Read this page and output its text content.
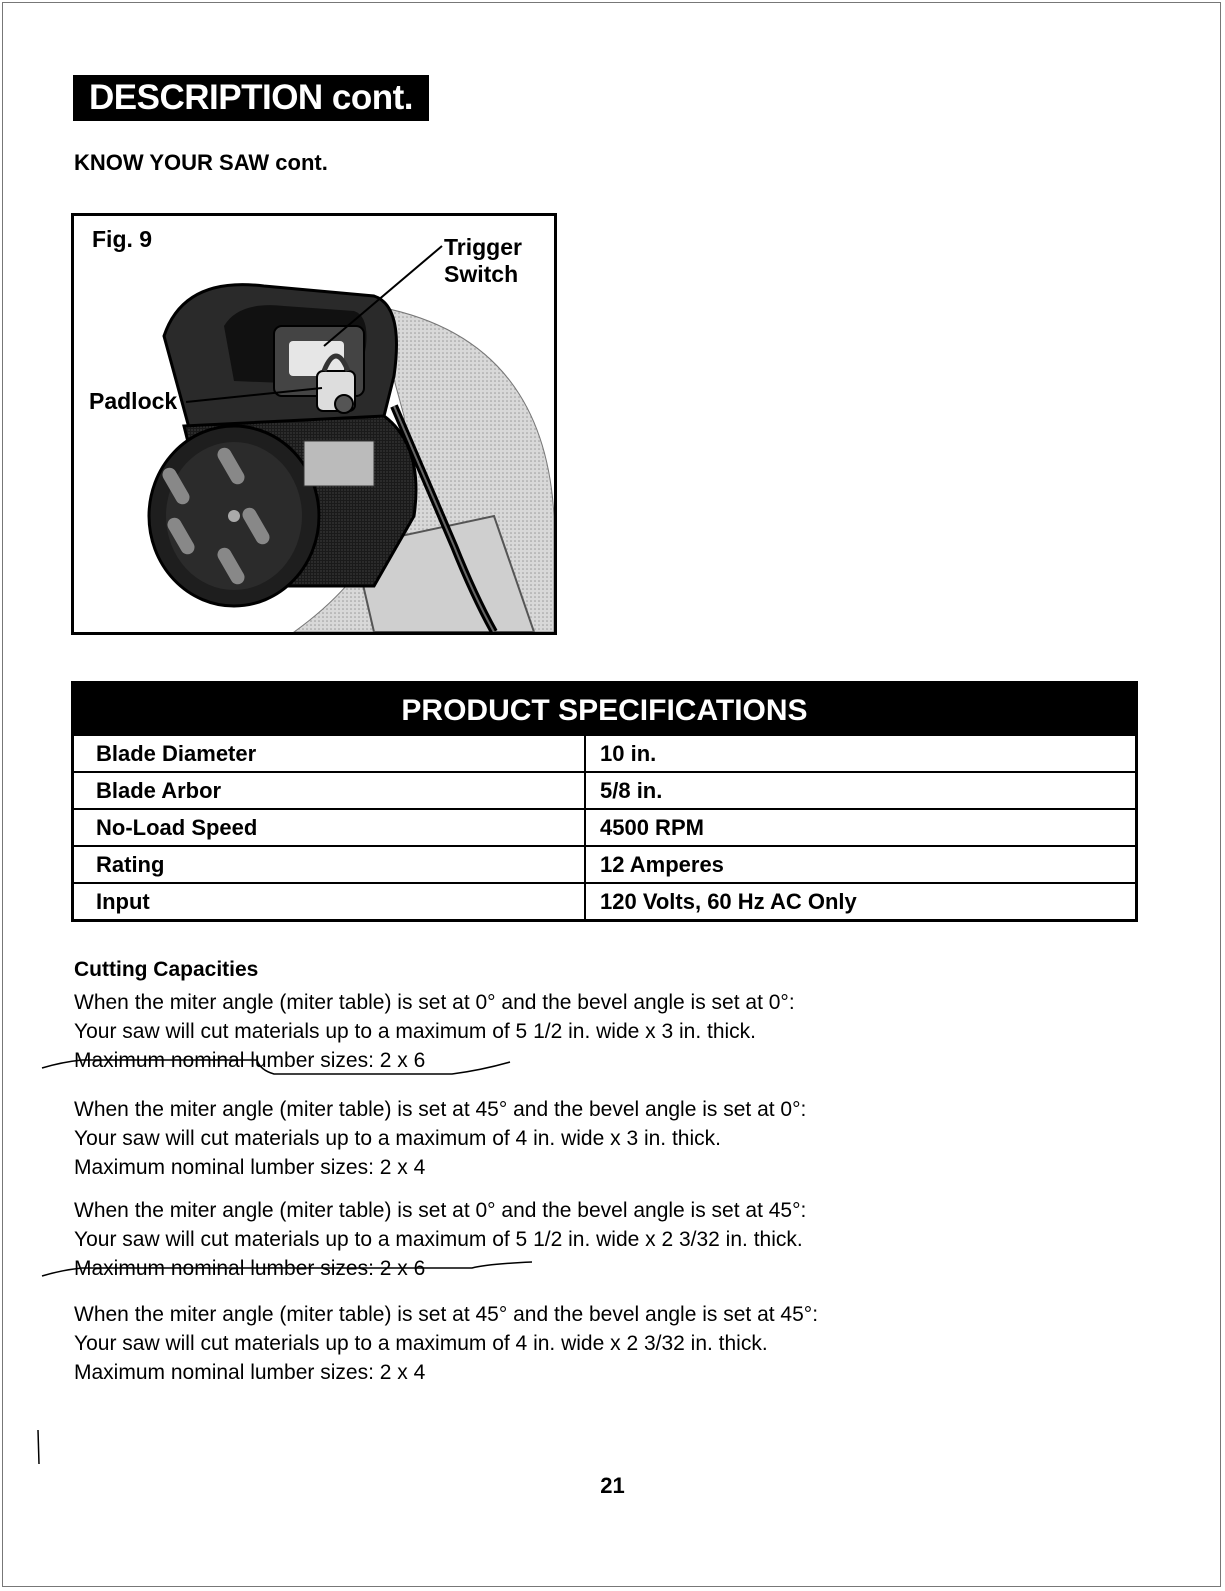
DESCRIPTION cont.
KNOW YOUR SAW cont.
Fig. 9	Trigger
Switch
Padlock
PRODUCT SPECIFICATIONS
Blade Diameter	10 in.
Blade Arbor	5/8 in.
No-Load Speed	4500 RPM
Rating	12 Amperes
Input	120 Volts, 60 Hz AC Only
Cutting Capacities
When the miter angle (miter table) is set at 0° and the bevel angle is set at 0°:
Your saw will cut materials up to a maximum of 5 1/2 in. wide x 3 in. thick.
Maximum nominal lumber sizes: 2 x 6
When the miter angle (miter table) is set at 45° and the bevel angle is set at 0°:
Your saw will cut materials up to a maximum of 4 in. wide x 3 in. thick.
Maximum nominal lumber sizes: 2 x 4
When the miter angle (miter table) is set at 0° and the bevel angle is set at 45°:
Your saw will cut materials up to a maximum of 5 1/2 in. wide x 2 3/32 in. thick.
Maximum nominal lumber sizes: 2 x 6
When the miter angle (miter table) is set at 45° and the bevel angle is set at 45°:
Your saw will cut materials up to a maximum of 4 in. wide x 2 3/32 in. thick.
Maximum nominal lumber sizes: 2 x 4
21
